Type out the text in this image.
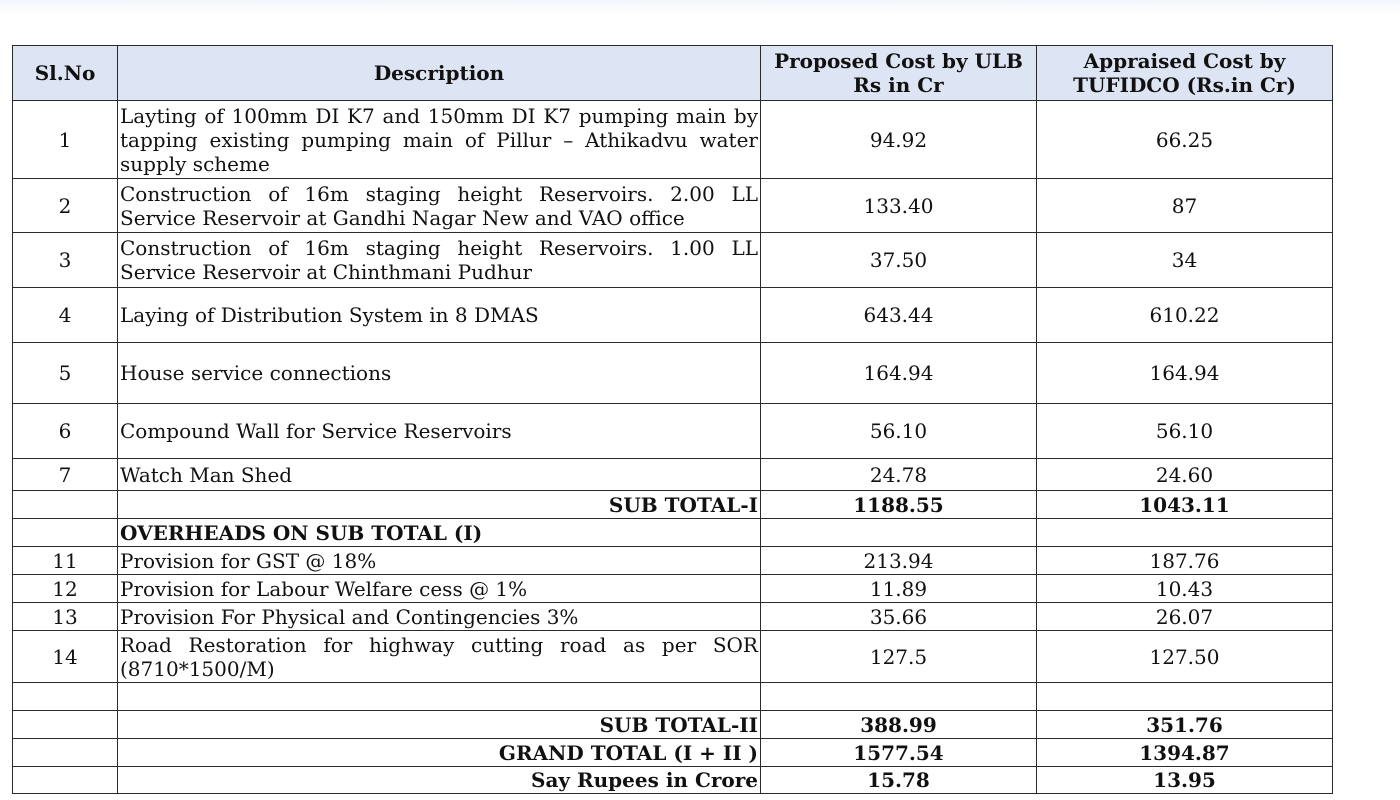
Sl.No	Description	Proposed Cost by ULB Rs in Cr	Appraised Cost by TUFIDCO (Rs.in Cr)
1	Layting of 100mm DI K7 and 150mm DI K7 pumping main by tapping existing pumping main of Pillur – Athikadvu water supply scheme	94.92	66.25
2	Construction of 16m staging height Reservoirs. 2.00 LL Service Reservoir at Gandhi Nagar New and VAO office	133.40	87
3	Construction of 16m staging height Reservoirs. 1.00 LL Service Reservoir at Chinthmani Pudhur	37.50	34
4	Laying of Distribution System in 8 DMAS	643.44	610.22
5	House service connections	164.94	164.94
6	Compound Wall for Service Reservoirs	56.10	56.10
7	Watch Man Shed	24.78	24.60
	SUB TOTAL-I	1188.55	1043.11
	OVERHEADS ON SUB TOTAL (I)		
11	Provision for GST @ 18%	213.94	187.76
12	Provision for Labour Welfare cess @ 1%	11.89	10.43
13	Provision For Physical and Contingencies 3%	35.66	26.07
14	Road Restoration for highway cutting road as per SOR (8710*1500/M)	127.5	127.50

	SUB TOTAL-II	388.99	351.76
	GRAND TOTAL (I + II )	1577.54	1394.87
	Say Rupees in Crore	15.78	13.95
